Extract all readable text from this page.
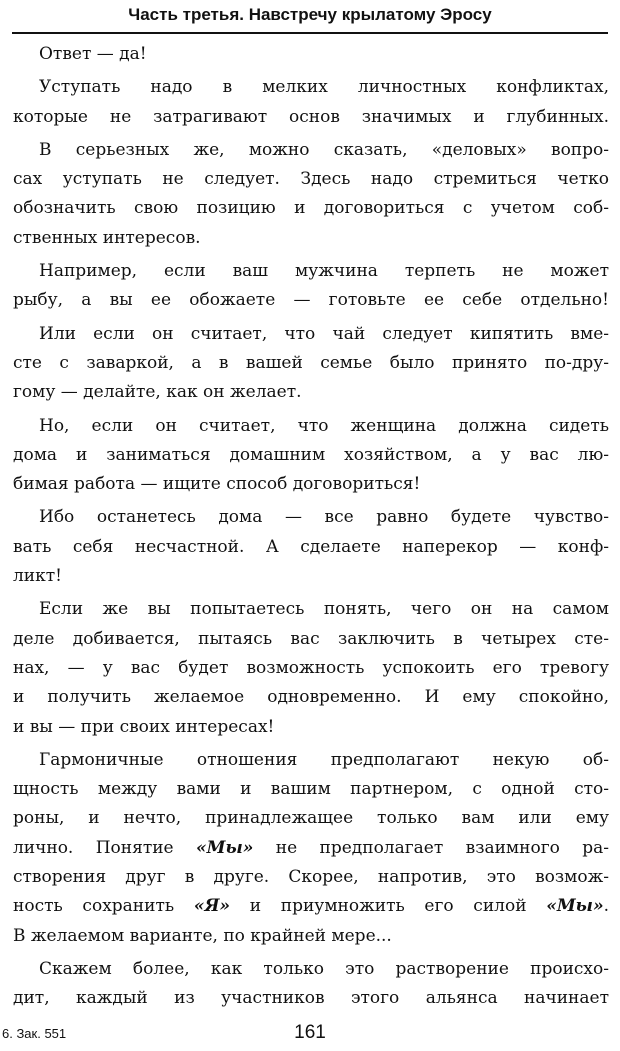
Часть третья. Навстречу крылатому Эросу

Ответ — да!

Уступать надо в мелких личностных конфликтах,
которые не затрагивают основ значимых и глубинных.

В серьезных же, можно сказать, «деловых» вопро-
сах уступать не следует. Здесь надо стремиться четко
обозначить свою позицию и договориться с учетом соб-
ственных интересов.

Например, если ваш мужчина терпеть не может
рыбу, а вы ее обожаете — готовьте ее себе отдельно!

Или если он считает, что чай следует кипятить вме-
сте с заваркой, а в вашей семье было принято по-дру-
гому — делайте, как он желает.

Но, если он считает, что женщина должна сидеть
дома и заниматься домашним хозяйством, а у вас лю-
бимая работа — ищите способ договориться!

Ибо останетесь дома — все равно будете чувство-
вать себя несчастной. А сделаете наперекор — конф-
ликт!

Если же вы попытаетесь понять, чего он на самом
деле добивается, пытаясь вас заключить в четырех сте-
нах, — у вас будет возможность успокоить его тревогу
и получить желаемое одновременно. И ему спокойно,
и вы — при своих интересах!

Гармоничные отношения предполагают некую об-
щность между вами и вашим партнером, с одной сто-
роны, и нечто, принадлежащее только вам или ему
лично. Понятие «Мы» не предполагает взаимного ра-
створения друг в друге. Скорее, напротив, это возмож-
ность сохранить «Я» и приумножить его силой «Мы».
В желаемом варианте, по крайней мере...

Скажем более, как только это растворение происхо-
дит, каждый из участников этого альянса начинает

6. Зак. 551	161
